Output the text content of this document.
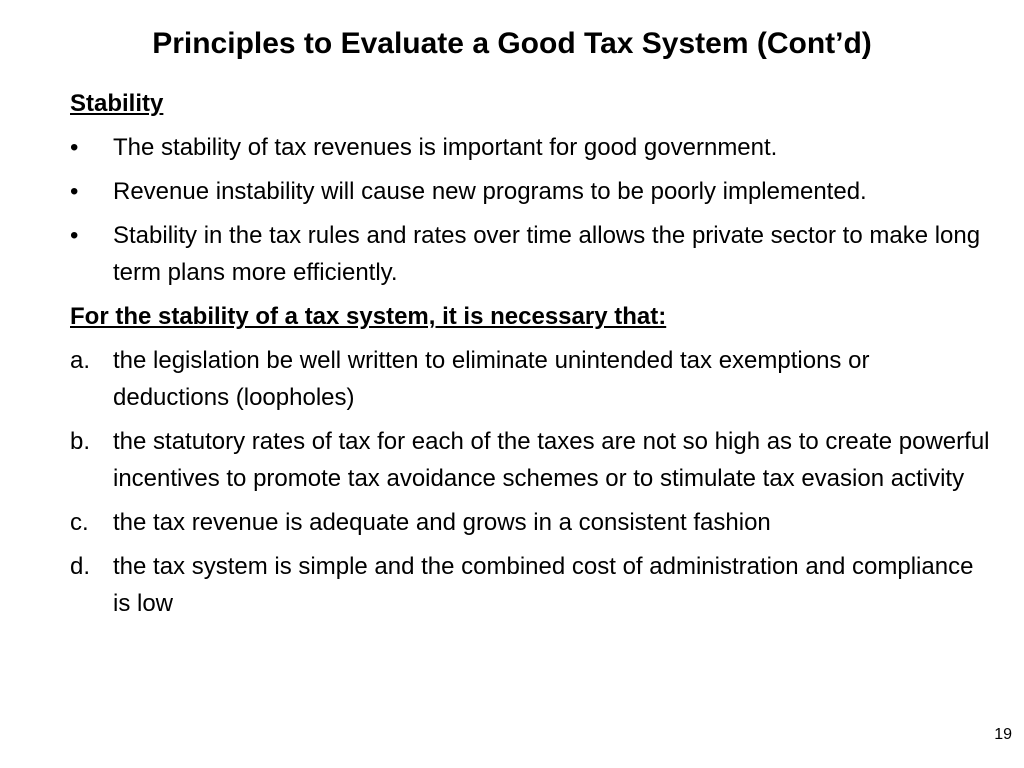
Principles to Evaluate a Good Tax System (Cont’d)
Stability
•	The stability of tax revenues is important for good government.
•	Revenue instability will cause new programs to be poorly implemented.
•	Stability in the tax rules and rates over time allows the private sector to make long term plans more efficiently.
For the stability of a tax system, it is necessary that:
a. the legislation be well written to eliminate unintended tax exemptions or deductions (loopholes)
b. the statutory rates of tax for each of the taxes are not so high as to create powerful incentives to promote tax avoidance schemes or to stimulate tax evasion activity
c.	the tax revenue is adequate and grows in a consistent fashion
d. the tax system is simple and the combined cost of administration and compliance is low
19
